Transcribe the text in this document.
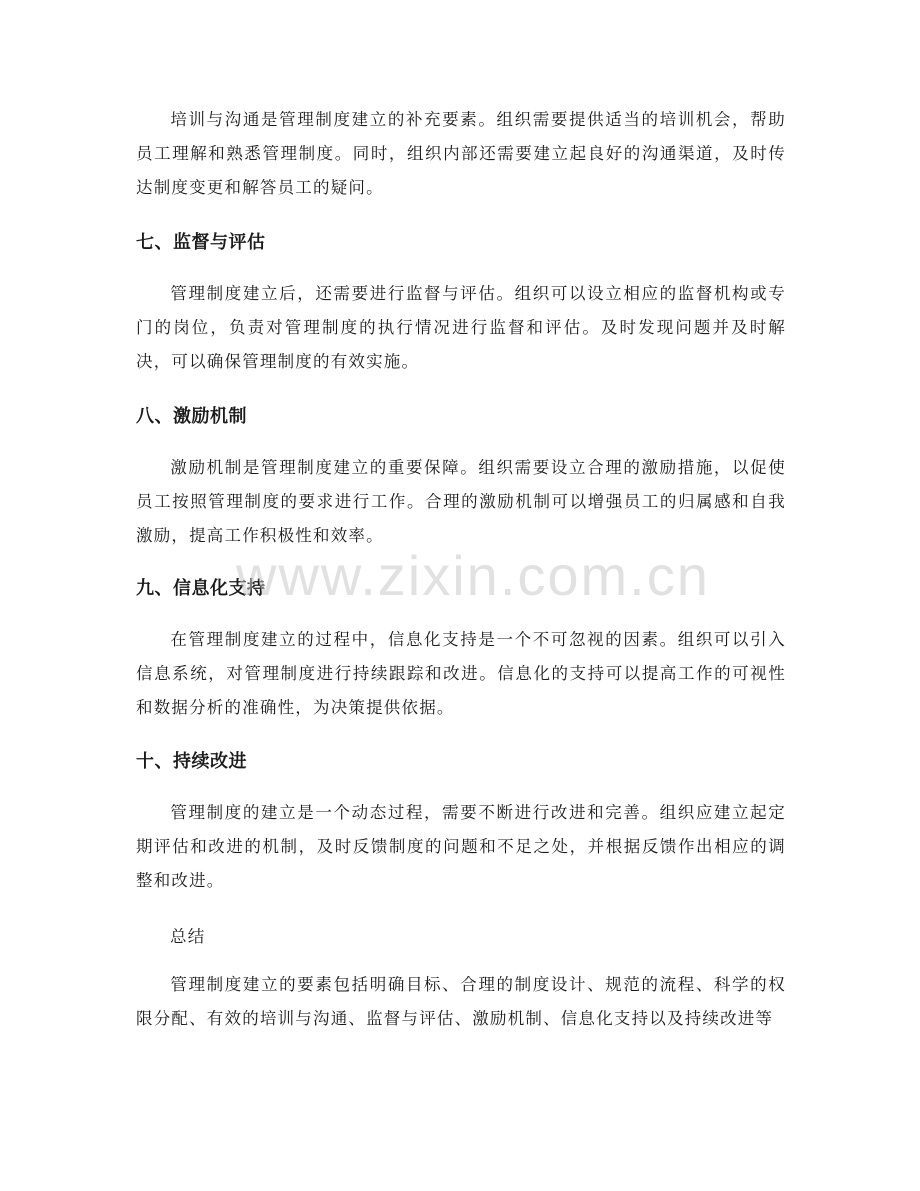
培训与沟通是管理制度建立的补充要素。组织需要提供适当的培训机会，帮助员工理解和熟悉管理制度。同时，组织内部还需要建立起良好的沟通渠道，及时传达制度变更和解答员工的疑问。

七、监督与评估

管理制度建立后，还需要进行监督与评估。组织可以设立相应的监督机构或专门的岗位，负责对管理制度的执行情况进行监督和评估。及时发现问题并及时解决，可以确保管理制度的有效实施。

八、激励机制

激励机制是管理制度建立的重要保障。组织需要设立合理的激励措施，以促使员工按照管理制度的要求进行工作。合理的激励机制可以增强员工的归属感和自我激励，提高工作积极性和效率。

九、信息化支持

在管理制度建立的过程中，信息化支持是一个不可忽视的因素。组织可以引入信息系统，对管理制度进行持续跟踪和改进。信息化的支持可以提高工作的可视性和数据分析的准确性，为决策提供依据。

十、持续改进

管理制度的建立是一个动态过程，需要不断进行改进和完善。组织应建立起定期评估和改进的机制，及时反馈制度的问题和不足之处，并根据反馈作出相应的调整和改进。

总结

管理制度建立的要素包括明确目标、合理的制度设计、规范的流程、科学的权限分配、有效的培训与沟通、监督与评估、激励机制、信息化支持以及持续改进等

www.zixin.com.cn
